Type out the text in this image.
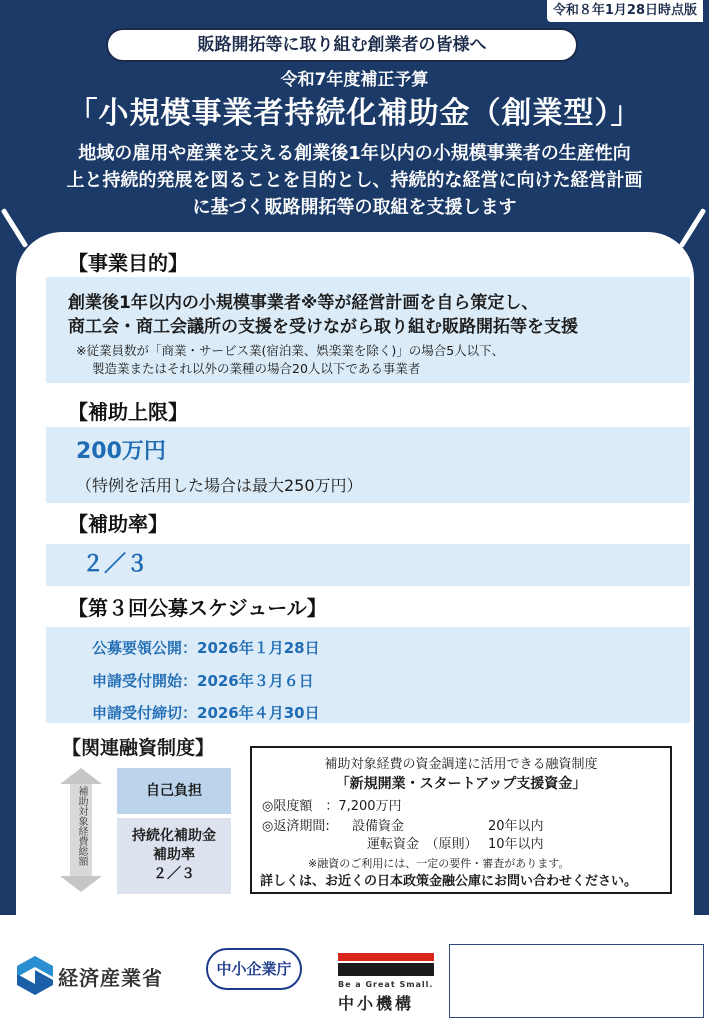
令和８年1月28日時点版
販路開拓等に取り組む創業者の皆様へ
令和7年度補正予算
「小規模事業者持続化補助金（創業型）」
地域の雇用や産業を支える創業後1年以内の小規模事業者の生産性向
上と持続的発展を図ることを目的とし、持続的な経営に向けた経営計画
に基づく販路開拓等の取組を支援します
【事業目的】
創業後1年以内の小規模事業者※等が経営計画を自ら策定し、
商工会・商工会議所の支援を受けながら取り組む販路開拓等を支援
※従業員数が「商業・サービス業(宿泊業、娯楽業を除く)」の場合5人以下、
製造業またはそれ以外の業種の場合20人以下である事業者
【補助上限】
200万円
（特例を活用した場合は最大250万円）
【補助率】
２／３
【第３回公募スケジュール】
公募要領公開：2026年１月28日
申請受付開始：2026年３月６日
申請受付締切：2026年４月30日
【関連融資制度】
補助対象経費総額	自己負担
持続化補助金
補助率
２／３
補助対象経費の資金調達に活用できる融資制度
「新規開業・スタートアップ支援資金」
◎限度額　：7,200万円
◎返済期間: 設備資金	20年以内
運転資金　（原則） 10年以内
※融資のご利用には、一定の要件・審査があります。
詳しくは、お近くの日本政策金融公庫にお問い合わせください。
経済産業省	中小企業庁
Be a Great Small.
中小機構
